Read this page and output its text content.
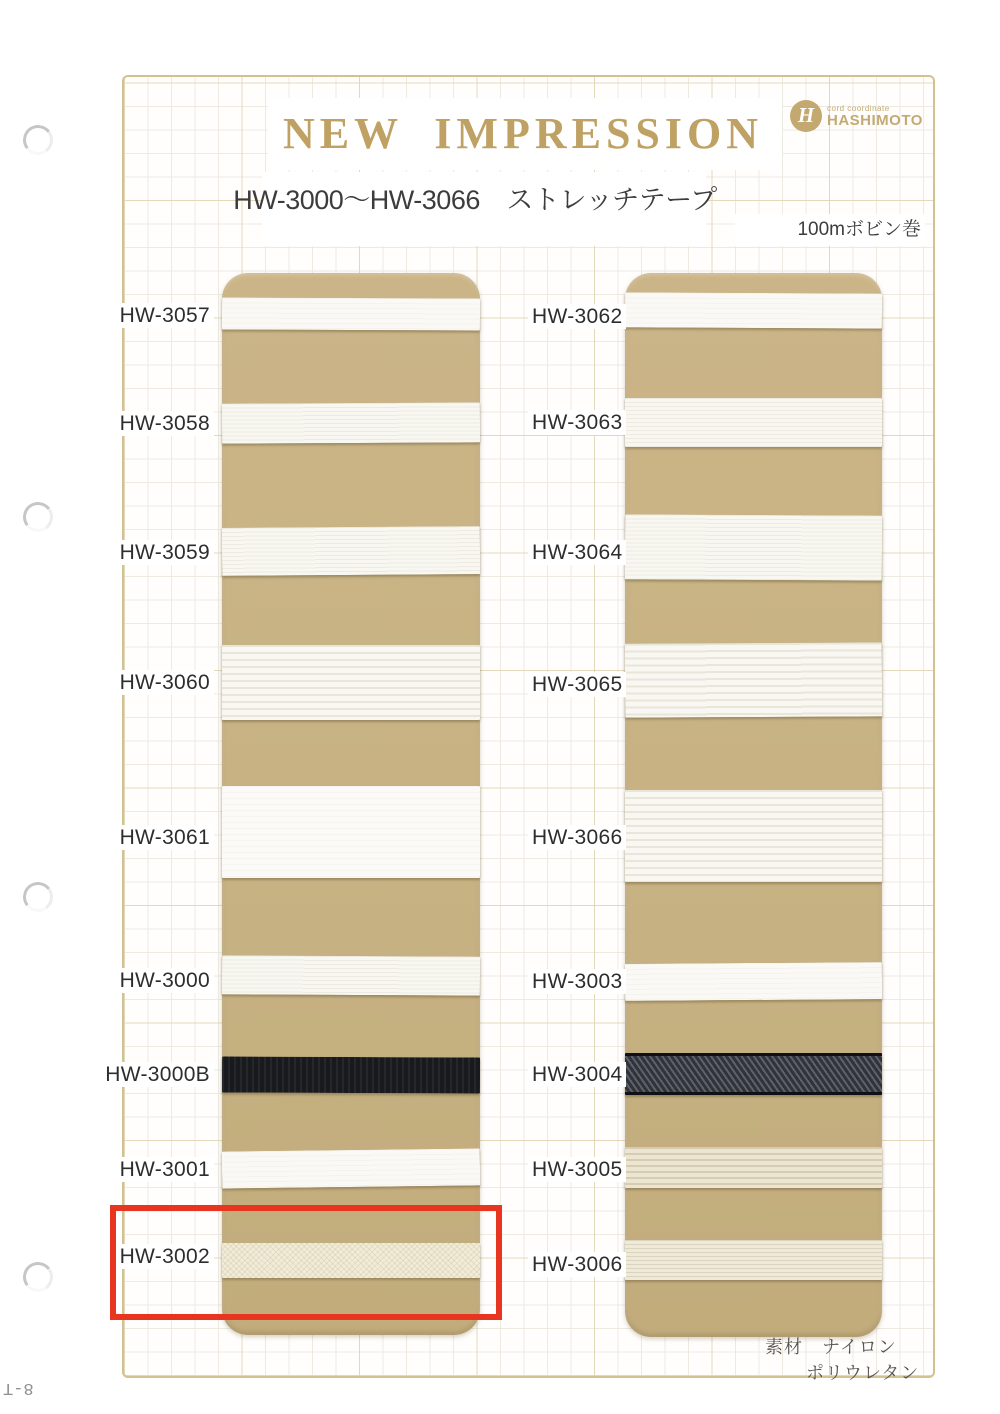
NEW IMPRESSION
HW-3000〜HW-3066　ストレッチテープ
100mボビン巻
H	cord coordinate
HASHIMOTO
HW-3057
HW-3058
HW-3059
HW-3060
HW-3061
HW-3000
HW-3000B
HW-3001
HW-3002
HW-3062
HW-3063
HW-3064
HW-3065
HW-3066
HW-3003
HW-3004
HW-3005
HW-3006
素材　ナイロン
ポリウレタン
8-T
